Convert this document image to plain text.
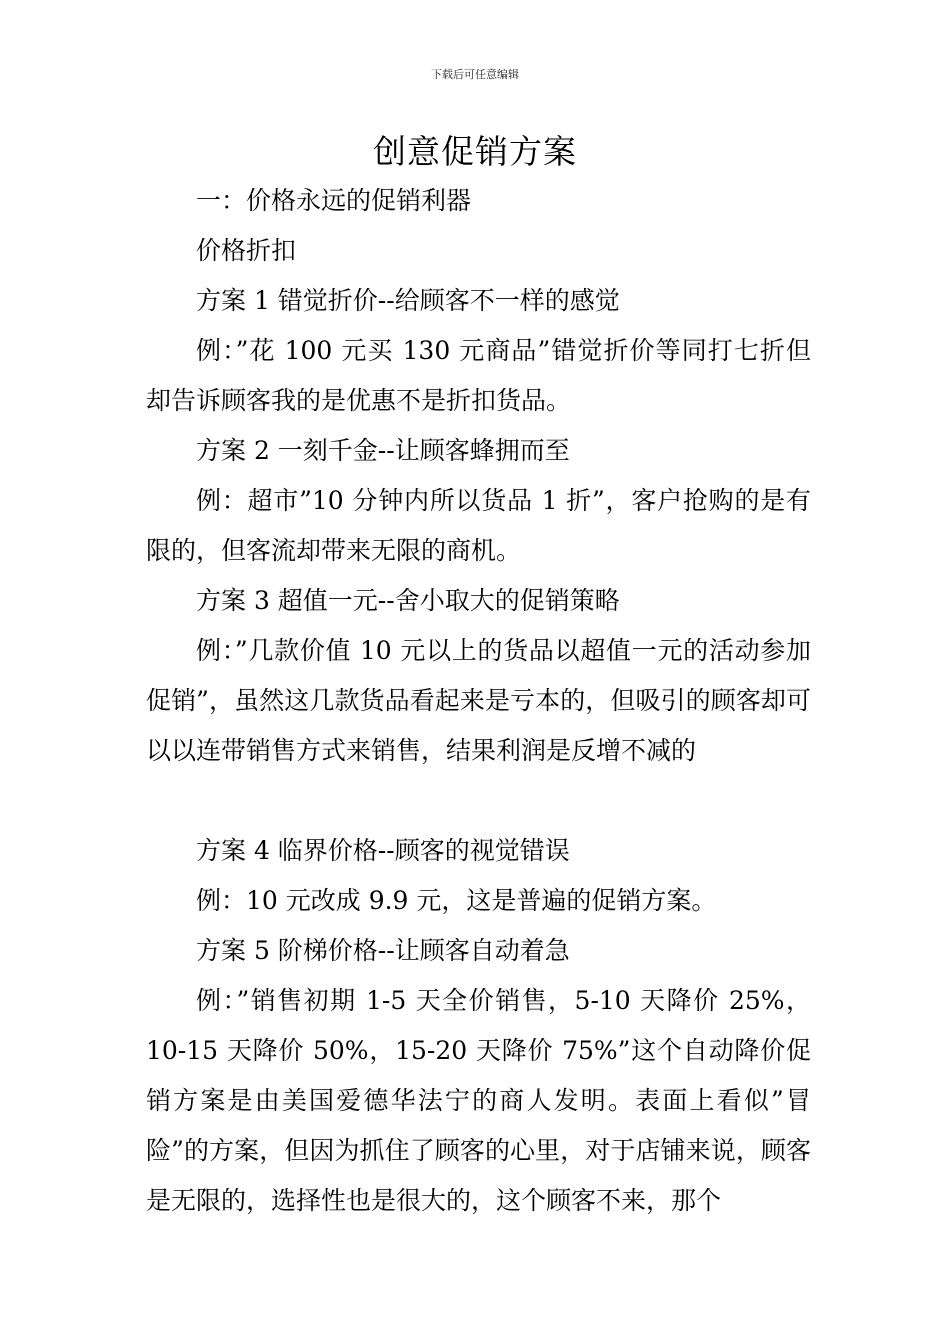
下载后可任意编辑
创意促销方案

一：价格永远的促销利器

价格折扣

方案 1 错觉折价--给顾客不一样的感觉

例：”花 100 元买 130 元商品”错觉折价等同打七折但却告诉顾客我的是优惠不是折扣货品。

方案 2 一刻千金--让顾客蜂拥而至

例：超市”10 分钟内所以货品 1 折”，客户抢购的是有限的，但客流却带来无限的商机。

方案 3 超值一元--舍小取大的促销策略

例：”几款价值 10 元以上的货品以超值一元的活动参加促销”，虽然这几款货品看起来是亏本的，但吸引的顾客却可以以连带销售方式来销售，结果利润是反增不减的

方案 4 临界价格--顾客的视觉错误

例：10 元改成 9.9 元，这是普遍的促销方案。

方案 5 阶梯价格--让顾客自动着急

例：”销售初期 1-5 天全价销售，5-10 天降价 25%，10-15 天降价 50%，15-20 天降价 75%”这个自动降价促销方案是由美国爱德华法宁的商人发明。表面上看似”冒险”的方案，但因为抓住了顾客的心里，对于店铺来说，顾客是无限的，选择性也是很大的，这个顾客不来，那个
